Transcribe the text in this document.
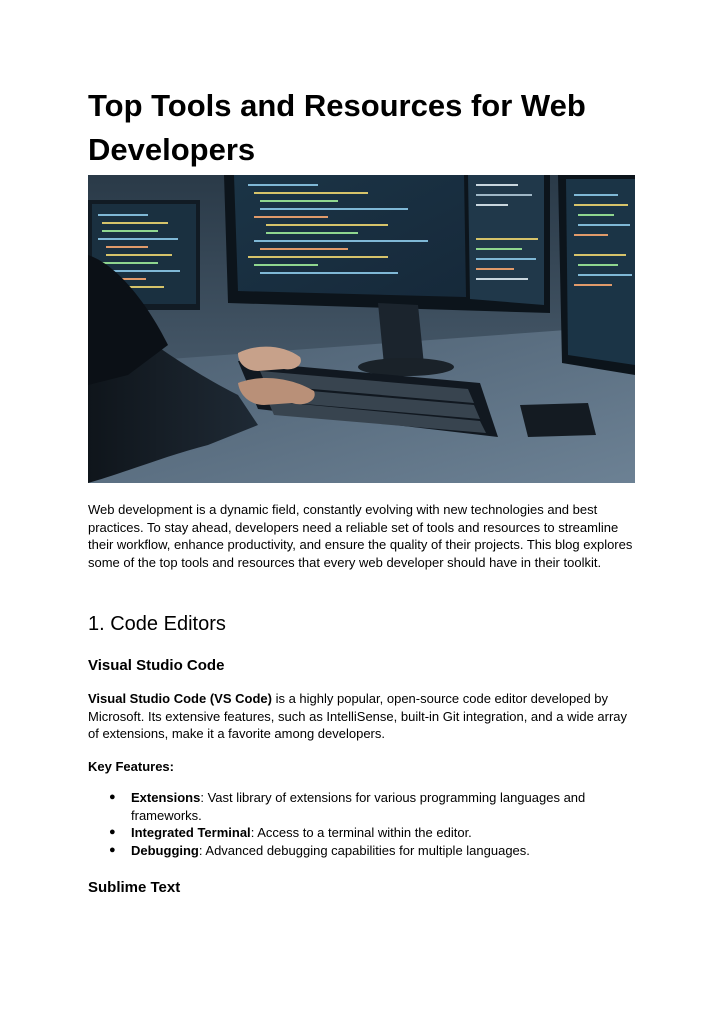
Top Tools and Resources for Web Developers

Web development is a dynamic field, constantly evolving with new technologies and best practices. To stay ahead, developers need a reliable set of tools and resources to streamline their workflow, enhance productivity, and ensure the quality of their projects. This blog explores some of the top tools and resources that every web developer should have in their toolkit.

1. Code Editors
Visual Studio Code

Visual Studio Code (VS Code) is a highly popular, open-source code editor developed by Microsoft. Its extensive features, such as IntelliSense, built-in Git integration, and a wide array of extensions, make it a favorite among developers.

Key Features:

● Extensions: Vast library of extensions for various programming languages and frameworks.
● Integrated Terminal: Access to a terminal within the editor.
● Debugging: Advanced debugging capabilities for multiple languages.
Sublime Text
